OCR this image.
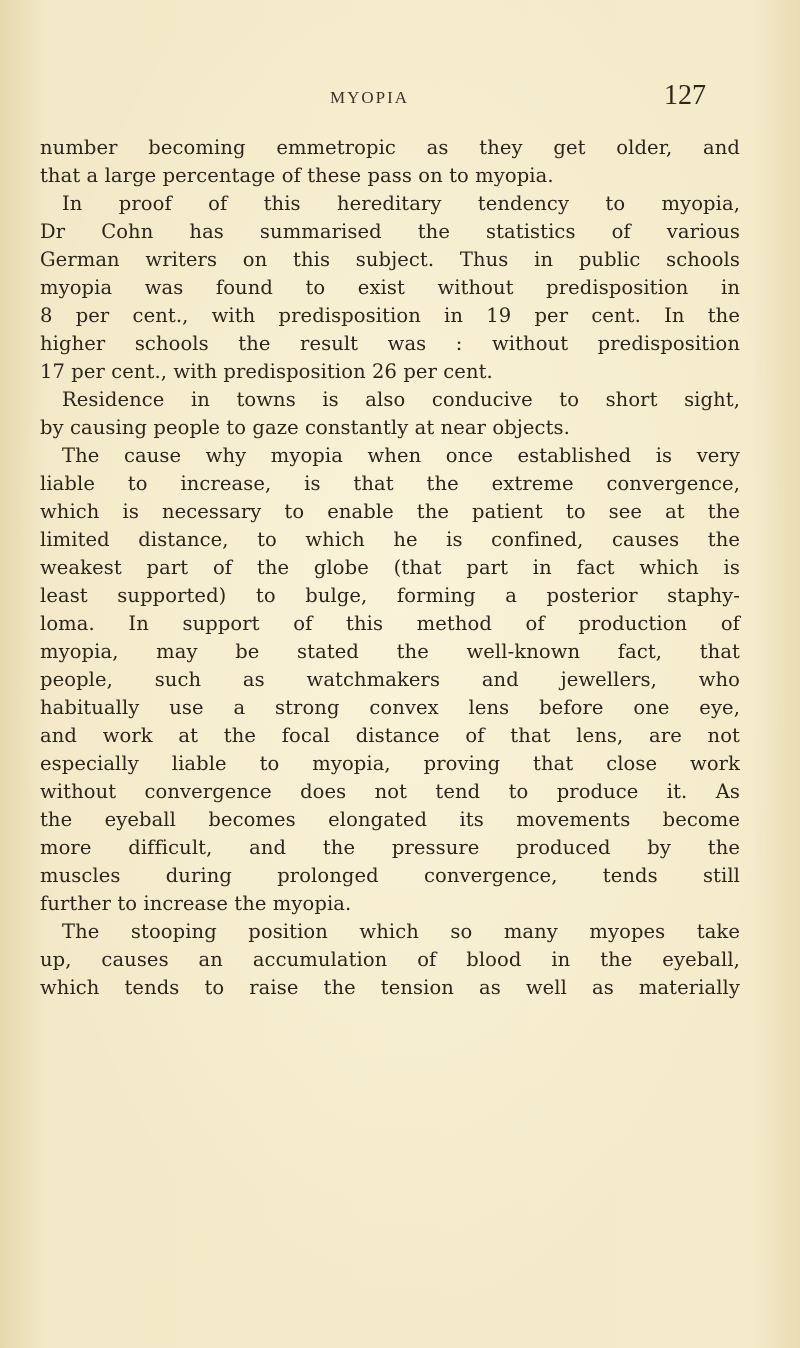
MYOPIA	127
number becoming emmetropic as they get older, and
that a large percentage of these pass on to myopia.
In proof of this hereditary tendency to myopia,
Dr Cohn has summarised the statistics of various
German writers on this subject. Thus in public schools
myopia was found to exist without predisposition in
8 per cent., with predisposition in 19 per cent. In the
higher schools the result was : without predisposition
17 per cent., with predisposition 26 per cent.
Residence in towns is also conducive to short sight,
by causing people to gaze constantly at near objects.
The cause why myopia when once established is very
liable to increase, is that the extreme convergence,
which is necessary to enable the patient to see at the
limited distance, to which he is confined, causes the
weakest part of the globe (that part in fact which is
least supported) to bulge, forming a posterior staphy-
loma. In support of this method of production of
myopia, may be stated the well-known fact, that
people, such as watchmakers and jewellers, who
habitually use a strong convex lens before one eye,
and work at the focal distance of that lens, are not
especially liable to myopia, proving that close work
without convergence does not tend to produce it. As
the eyeball becomes elongated its movements become
more difficult, and the pressure produced by the
muscles during prolonged convergence, tends still
further to increase the myopia.
The stooping position which so many myopes take
up, causes an accumulation of blood in the eyeball,
which tends to raise the tension as well as materially
